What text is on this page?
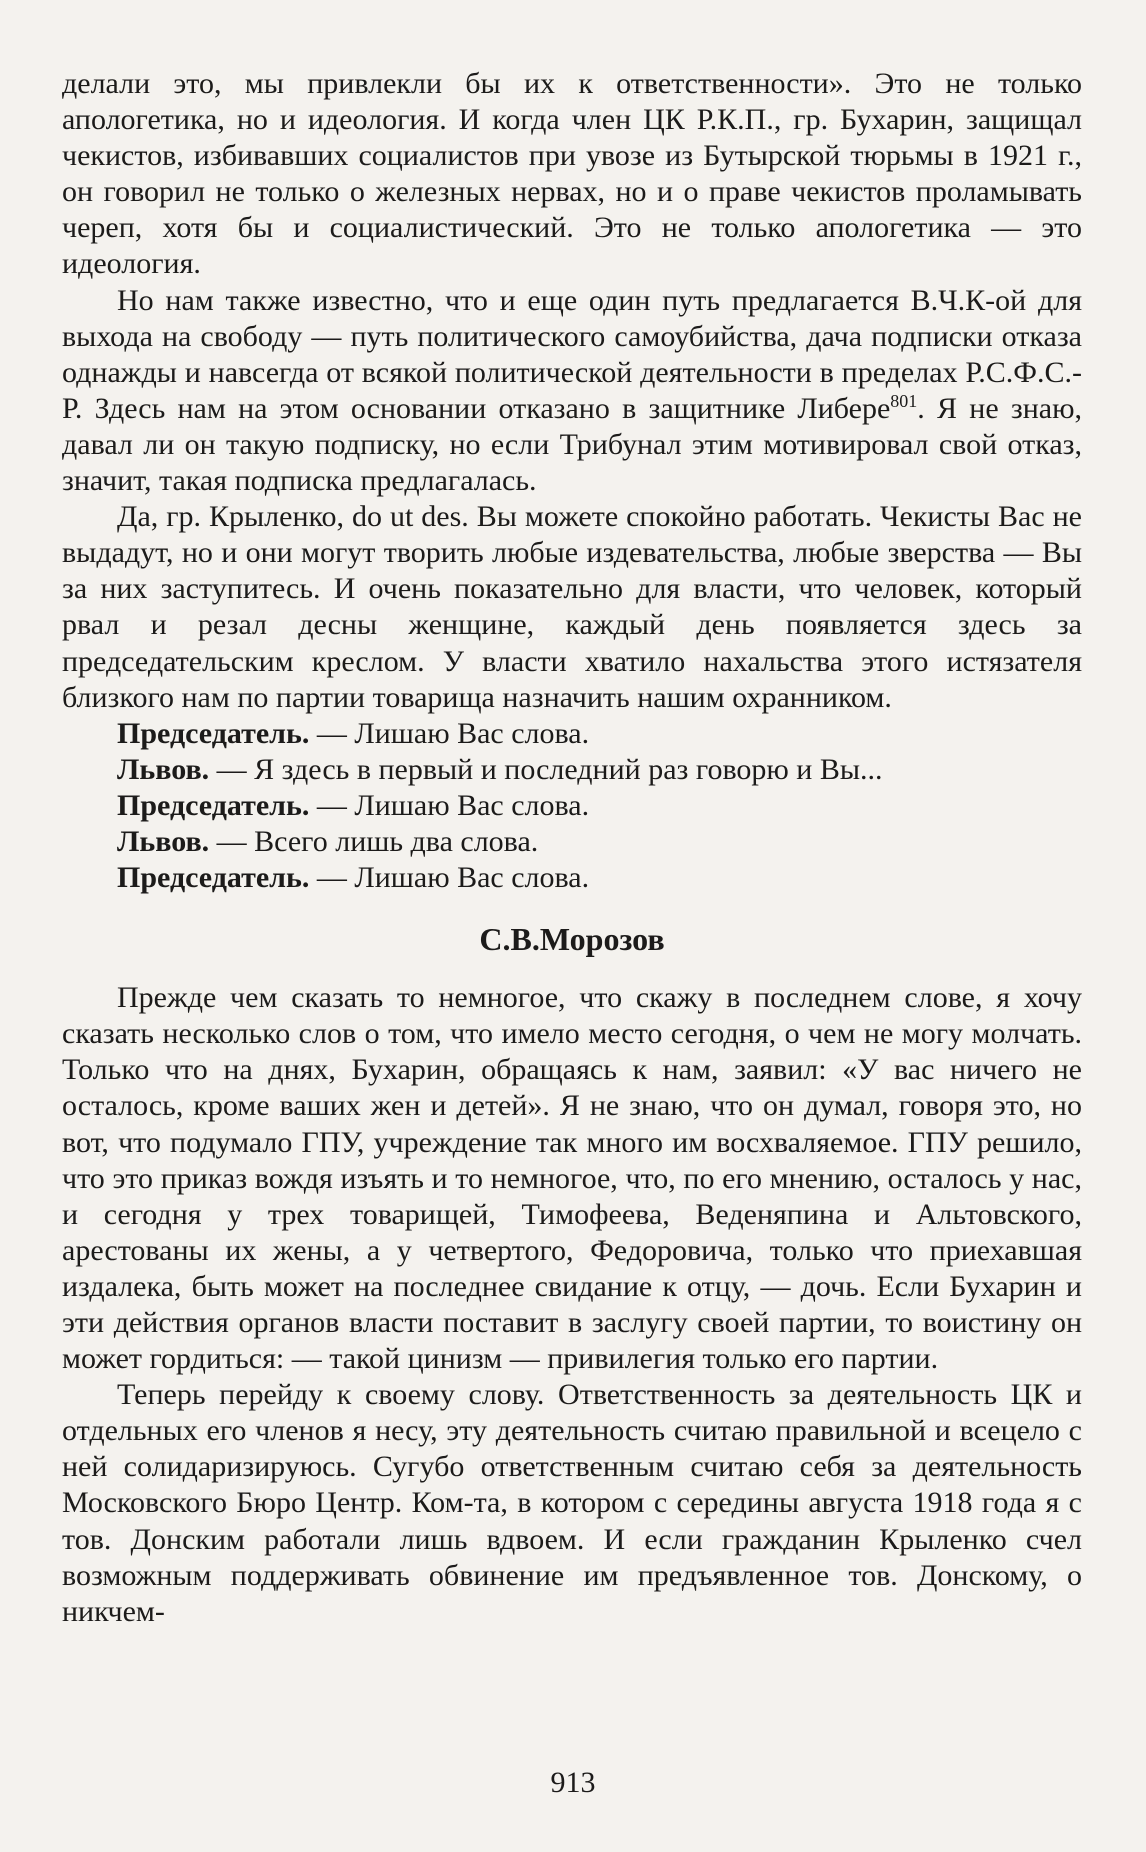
делали это, мы привлекли бы их к ответственности». Это не только апологетика, но и идеология. И когда член ЦК Р.К.П., гр. Бухарин, защищал чекистов, избивавших социалистов при увозе из Бутырской тюрьмы в 1921 г., он говорил не только о железных нервах, но и о праве чекистов проламывать череп, хотя бы и социалистический. Это не только апологетика — это идеология.

Но нам также известно, что и еще один путь предлагается В.Ч.К-ой для выхода на свободу — путь политического самоубийства, дача подписки отказа однажды и навсегда от всякой политической деятельности в пределах Р.С.Ф.С.-Р. Здесь нам на этом основании отказано в защитнике Либере$^{801}$. Я не знаю, давал ли он такую подписку, но если Трибунал этим мотивировал свой отказ, значит, такая подписка предлагалась.

Да, гр. Крыленко, do ut des. Вы можете спокойно работать. Чекисты Вас не выдадут, но и они могут творить любые издевательства, любые зверства — Вы за них заступитесь. И очень показательно для власти, что человек, который рвал и резал десны женщине, каждый день появляется здесь за председательским креслом. У власти хватило нахальства этого истязателя близкого нам по партии товарища назначить нашим охранником.

Председатель. — Лишаю Вас слова.

Львов. — Я здесь в первый и последний раз говорю и Вы...

Председатель. — Лишаю Вас слова.

Львов. — Всего лишь два слова.

Председатель. — Лишаю Вас слова.

С.В.Морозов

Прежде чем сказать то немногое, что скажу в последнем слове, я хочу сказать несколько слов о том, что имело место сегодня, о чем не могу молчать. Только что на днях, Бухарин, обращаясь к нам, заявил: «У вас ничего не осталось, кроме ваших жен и детей». Я не знаю, что он думал, говоря это, но вот, что подумало ГПУ, учреждение так много им восхваляемое. ГПУ решило, что это приказ вождя изъять и то немногое, что, по его мнению, осталось у нас, и сегодня у трех товарищей, Тимофеева, Веденяпина и Альтовского, арестованы их жены, а у четвертого, Федоровича, только что приехавшая издалека, быть может на последнее свидание к отцу, — дочь. Если Бухарин и эти действия органов власти поставит в заслугу своей партии, то воистину он может гордиться: — такой цинизм — привилегия только его партии.

Теперь перейду к своему слову. Ответственность за деятельность ЦК и отдельных его членов я несу, эту деятельность считаю правильной и всецело с ней солидаризируюсь. Сугубо ответственным считаю себя за деятельность Московского Бюро Центр. Ком-та, в котором с середины августа 1918 года я с тов. Донским работали лишь вдвоем. И если гражданин Крыленко счел возможным поддерживать обвинение им предъявленное тов. Донскому, о никчем-

913
